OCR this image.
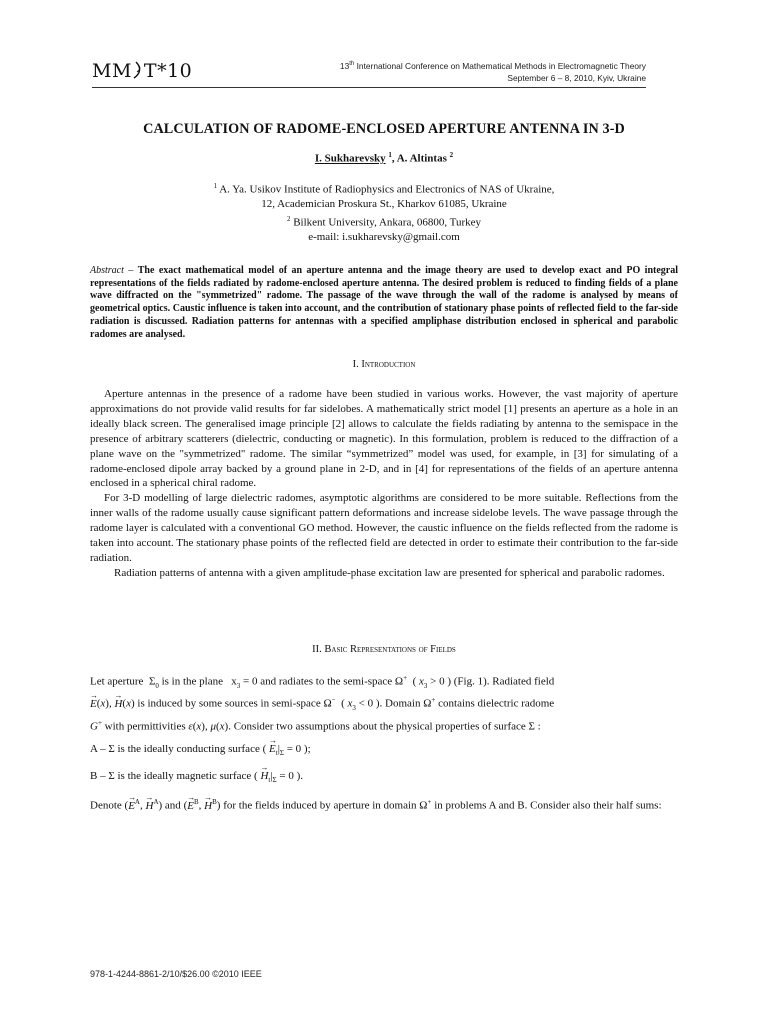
MM T*10	13th International Conference on Mathematical Methods in Electromagnetic Theory
September 6 – 8, 2010, Kyiv, Ukraine
CALCULATION OF RADOME-ENCLOSED APERTURE ANTENNA IN 3-D
I. Sukharevsky $^1$, A. Altintas $^2$
$^1$ A. Ya. Usikov Institute of Radiophysics and Electronics of NAS of Ukraine,
12, Academician Proskura St., Kharkov 61085, Ukraine
$^2$ Bilkent University, Ankara, 06800, Turkey
e-mail: i.sukharevsky@gmail.com
Abstract – The exact mathematical model of an aperture antenna and the image theory are used to develop exact and PO integral representations of the fields radiated by radome-enclosed aperture antenna. The desired problem is reduced to finding fields of a plane wave diffracted on the "symmetrized" radome. The passage of the wave through the wall of the radome is analysed by means of geometrical optics. Caustic influence is taken into account, and the contribution of stationary phase points of reflected field to the far-side radiation is discussed. Radiation patterns for antennas with a specified ampliphase distribution enclosed in spherical and parabolic radomes are analysed.
I. Introduction

Aperture antennas in the presence of a radome have been studied in various works. However, the vast majority of aperture approximations do not provide valid results for far sidelobes. A mathematically strict model [1] presents an aperture as a hole in an ideally black screen. The generalised image principle [2] allows to calculate the fields radiating by antenna to the semispace in the presence of arbitrary scatterers (dielectric, conducting or magnetic). In this formulation, problem is reduced to the diffraction of a plane wave on the "symmetrized" radome. The similar “symmetrized” model was used, for example, in [3] for simulating of a radome-enclosed dipole array backed by a ground plane in 2-D, and in [4] for representations of the fields of an aperture antenna enclosed in a spherical chiral radome.

For 3-D modelling of large dielectric radomes, asymptotic algorithms are considered to be more suitable. Reflections from the inner walls of the radome usually cause significant pattern deformations and increase sidelobe levels. The wave passage through the radome layer is calculated with a conventional GO method. However, the caustic influence on the fields reflected from the radome is taken into account. The stationary phase points of the reflected field are detected in order to estimate their contribution to the far-side radiation.

Radiation patterns of antenna with a given amplitude-phase excitation law are presented for spherical and parabolic radomes.

II. Basic Representations of Fields

Let aperture  $\Sigma_0$ is in the plane   $x_3 = 0$ and radiates to the semi-space Ω+  ( $x_3 > 0$ ) (Fig. 1). Radiated field
→ E(x), → H(x) is induced by some sources in semi-space Ω−  ( $x_3 < 0$ ). Domain Ω+ contains dielectric radome
G+ with permittivities ε(x), μ(x). Consider two assumptions about the physical properties of surface Σ :

A – Σ is the ideally conducting surface ( → $E_t|_\Sigma = 0$ );

B – Σ is the ideally magnetic surface ( → $H_t|_\Sigma = 0$ ).

Denote (→ $E^A$, → $H^A$) and (→ $E^B$, → $H^B$) for the fields induced by aperture in domain Ω+ in problems A and B. Consider also their half sums:

978-1-4244-8861-2/10/$26.00 ©2010 IEEE
